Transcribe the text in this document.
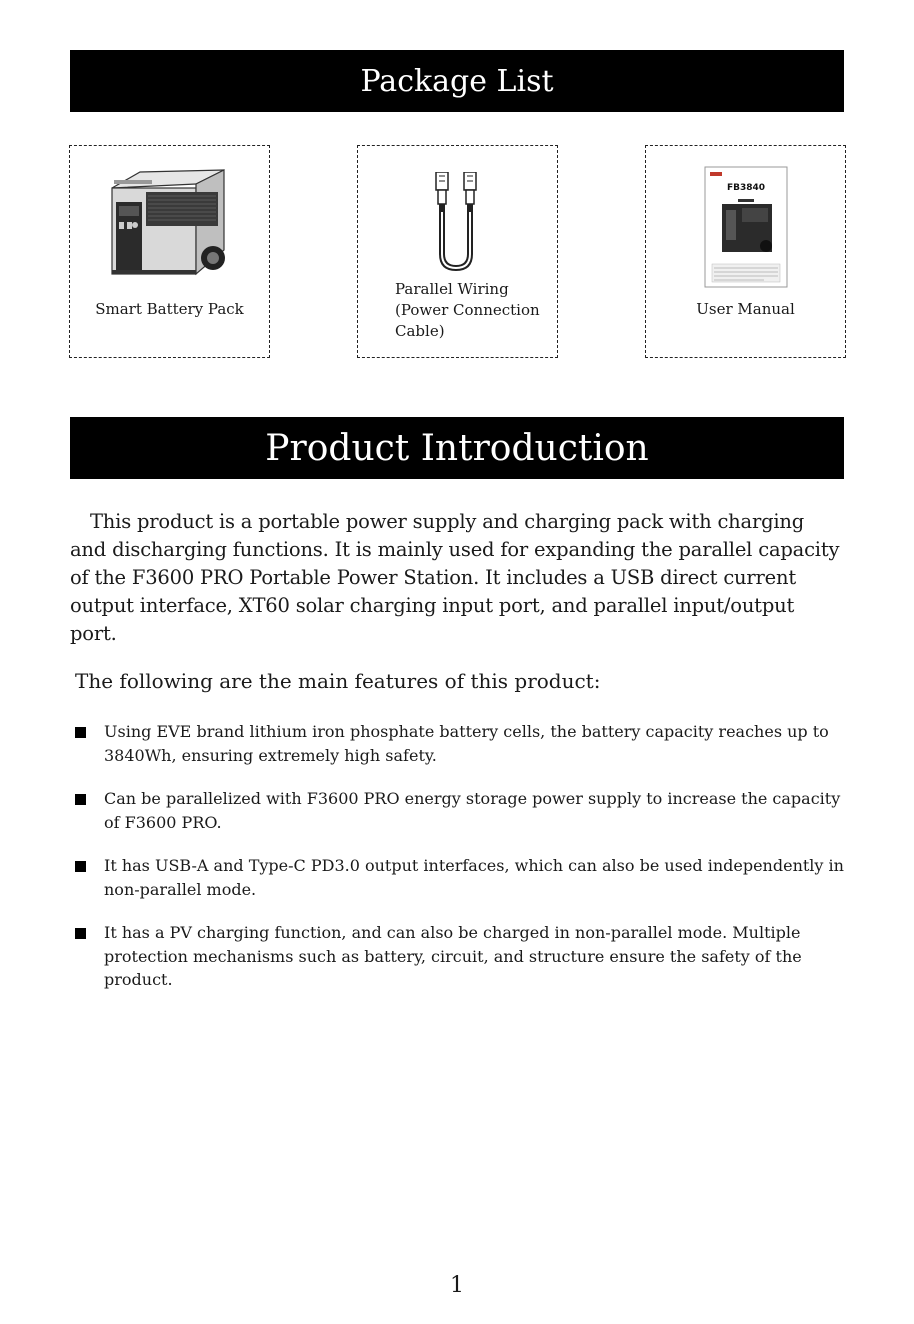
Package List
Smart Battery Pack
Parallel Wiring
(Power Connection
Cable)
FB3840
User Manual
Product Introduction
This product is a portable power supply and charging pack with charging and discharging functions. It is mainly used for expanding the parallel capacity of the F3600 PRO Portable Power Station. It includes a USB direct current output interface, XT60 solar charging input port, and parallel input/output port.
The following are the main features of this product:
Using EVE brand lithium iron phosphate battery cells, the battery capacity reaches up to 3840Wh, ensuring extremely high safety.
Can be parallelized with F3600 PRO energy storage power supply to increase the capacity of F3600 PRO.
It has USB-A and Type-C PD3.0 output interfaces, which can also be used independently in non-parallel mode.
It has a PV charging function, and can also be charged in non-parallel mode. Multiple protection mechanisms such as battery, circuit, and structure ensure the safety of the product.
1
